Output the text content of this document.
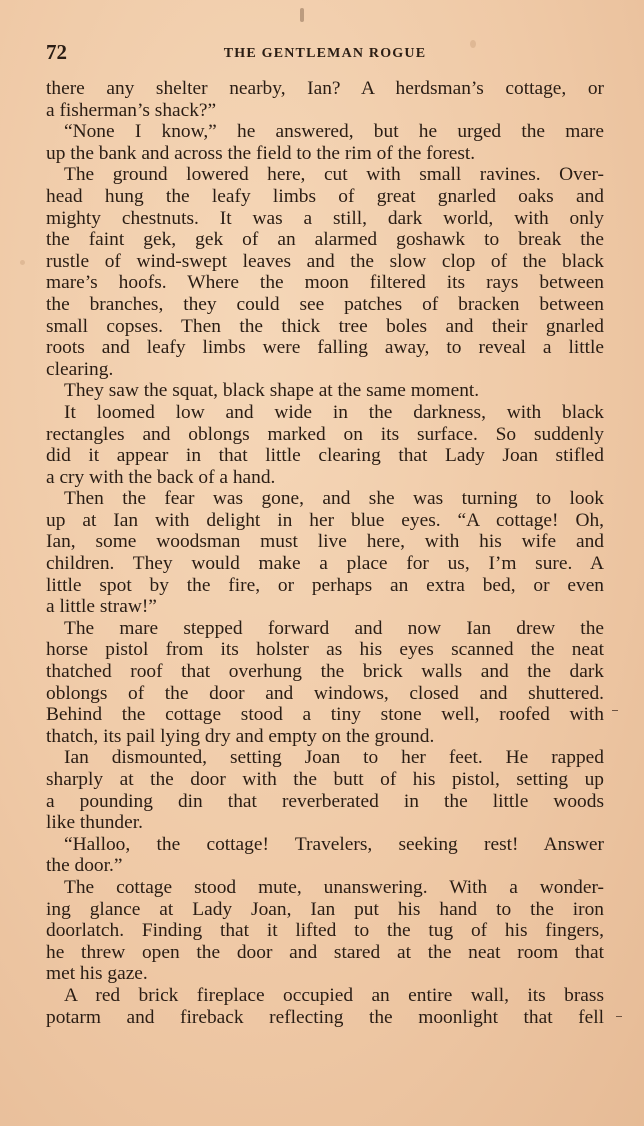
72	THE GENTLEMAN ROGUE
there any shelter nearby, Ian? A herdsman’s cottage, or
a fisherman’s shack?”
“None I know,” he answered, but he urged the mare
up the bank and across the field to the rim of the forest.
The ground lowered here, cut with small ravines. Over-
head hung the leafy limbs of great gnarled oaks and
mighty chestnuts. It was a still, dark world, with only
the faint gek, gek of an alarmed goshawk to break the
rustle of wind-swept leaves and the slow clop of the black
mare’s hoofs. Where the moon filtered its rays between
the branches, they could see patches of bracken between
small copses. Then the thick tree boles and their gnarled
roots and leafy limbs were falling away, to reveal a little
clearing.
They saw the squat, black shape at the same moment.
It loomed low and wide in the darkness, with black
rectangles and oblongs marked on its surface. So suddenly
did it appear in that little clearing that Lady Joan stifled
a cry with the back of a hand.
Then the fear was gone, and she was turning to look
up at Ian with delight in her blue eyes. “A cottage! Oh,
Ian, some woodsman must live here, with his wife and
children. They would make a place for us, I’m sure. A
little spot by the fire, or perhaps an extra bed, or even
a little straw!”
The mare stepped forward and now Ian drew the
horse pistol from its holster as his eyes scanned the neat
thatched roof that overhung the brick walls and the dark
oblongs of the door and windows, closed and shuttered.
Behind the cottage stood a tiny stone well, roofed with
thatch, its pail lying dry and empty on the ground.
Ian dismounted, setting Joan to her feet. He rapped
sharply at the door with the butt of his pistol, setting up
a pounding din that reverberated in the little woods
like thunder.
“Halloo, the cottage! Travelers, seeking rest! Answer
the door.”
The cottage stood mute, unanswering. With a wonder-
ing glance at Lady Joan, Ian put his hand to the iron
doorlatch. Finding that it lifted to the tug of his fingers,
he threw open the door and stared at the neat room that
met his gaze.
A red brick fireplace occupied an entire wall, its brass
potarm and fireback reflecting the moonlight that fell
